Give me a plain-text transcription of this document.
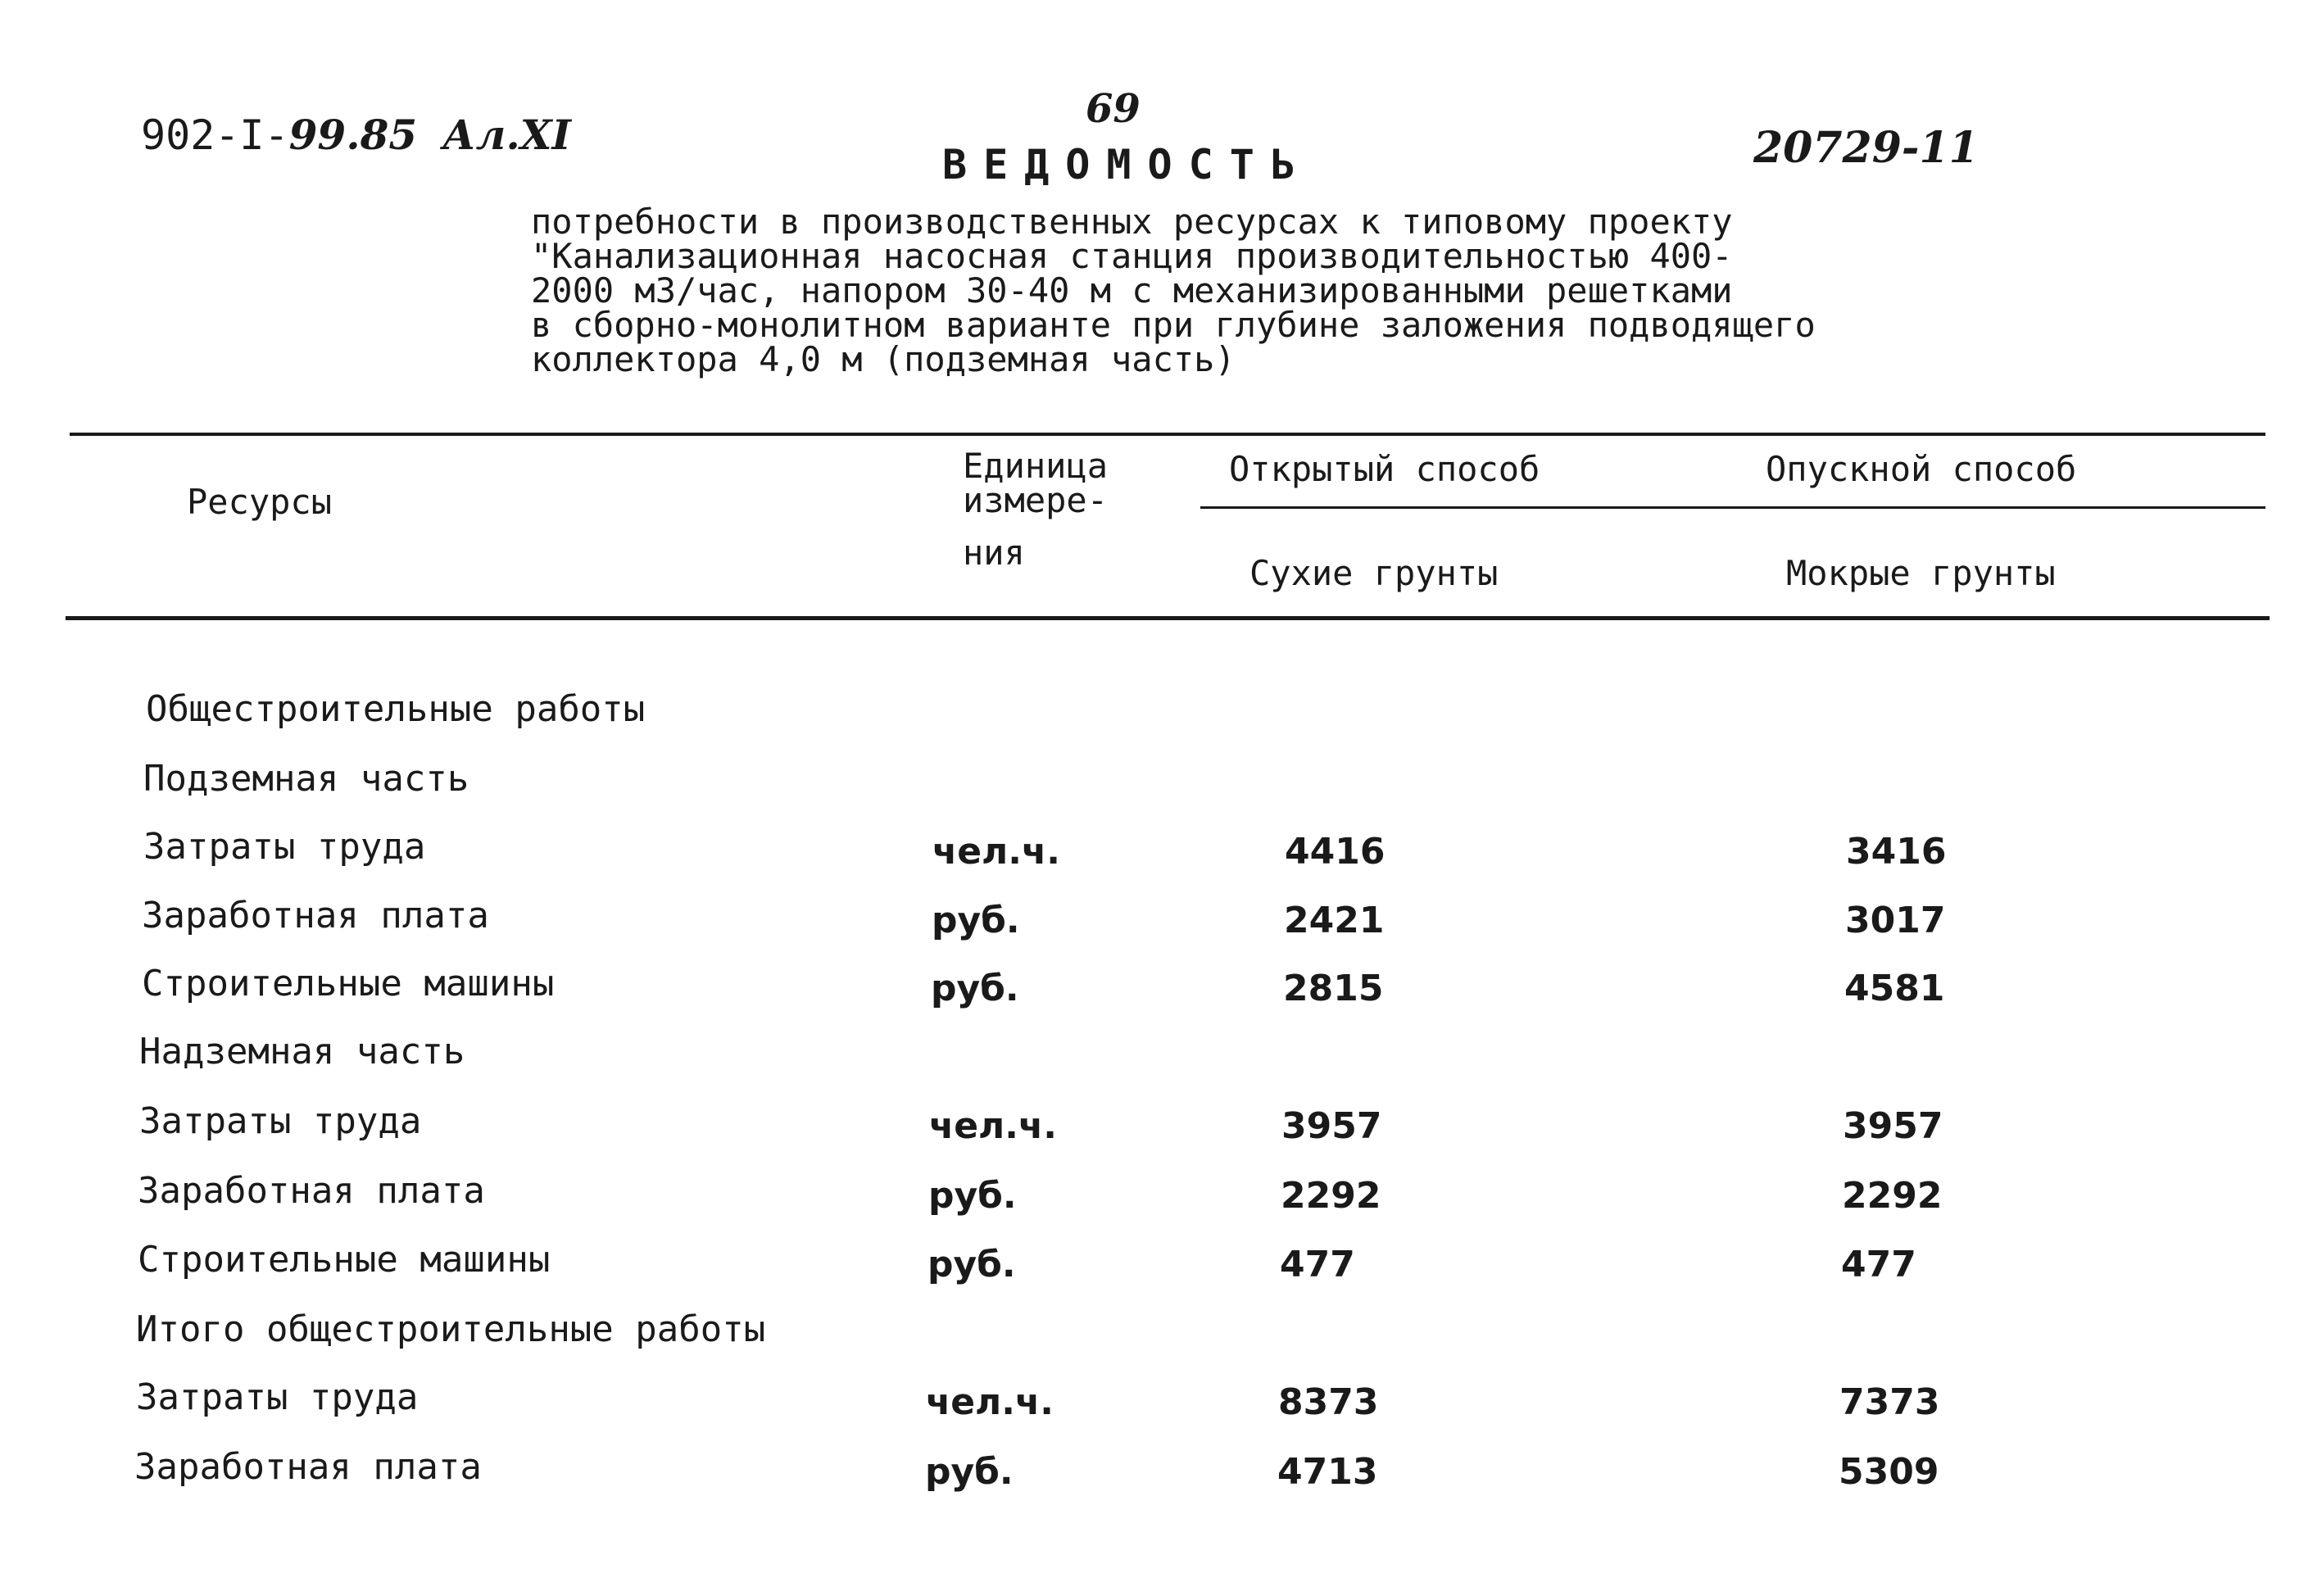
902-I-99.85 Ал.XI
69
20729-11
ВЕДОМОСТЬ
потребности в производственных ресурсах к типовому проекту
"Канализационная насосная станция производительностью 400-
2000 м3/час, напором 30-40 м с механизированными решетками
в сборно-монолитном варианте при глубине заложения подводящего
коллектора 4,0 м (подземная часть)
Ресурсы
Единица
измере-
ния
Открытый способ	Опускной способ
Сухие грунты	Мокрые грунты
Общестроительные работы
Подземная часть
Затраты труда	чел.ч.	4416	3416
Заработная плата	руб.	2421	3017
Строительные машины	руб.	2815	4581
Надземная часть
Затраты труда	чел.ч.	3957	3957
Заработная плата	руб.	2292	2292
Строительные машины	руб.	477	477
Итого общестроительные работы
Затраты труда	чел.ч.	8373	7373
Заработная плата	руб.	4713	5309
